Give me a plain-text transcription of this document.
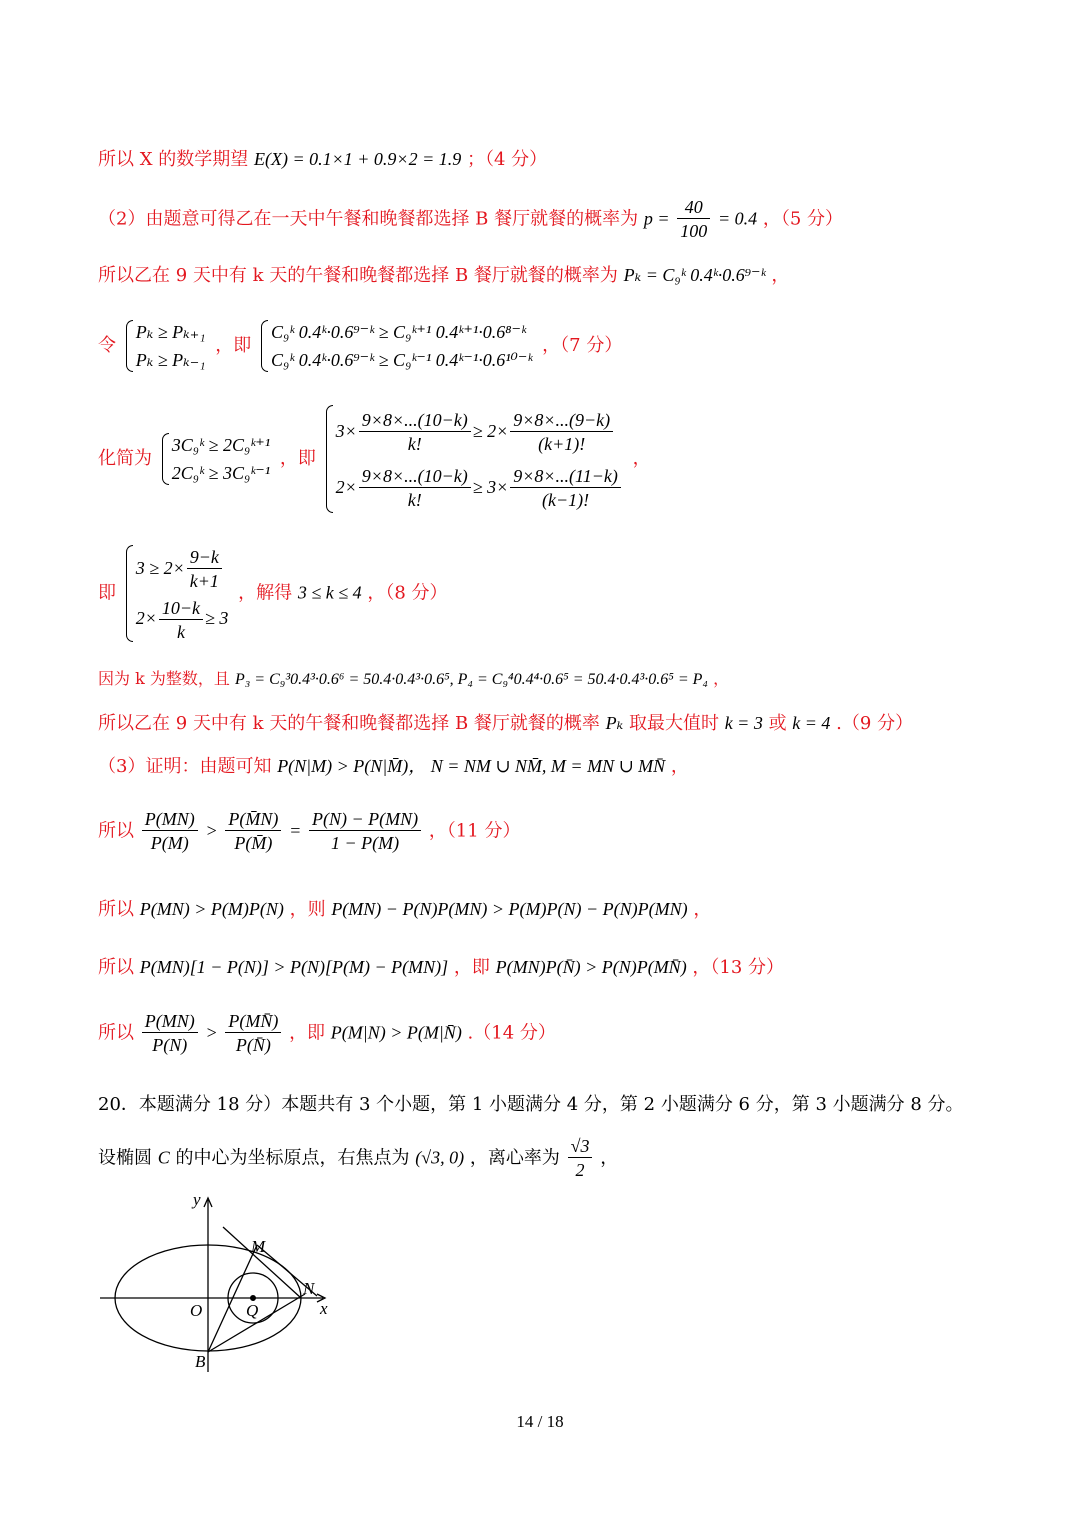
所以 X 的数学期望 E(X) = 0.1×1 + 0.9×2 = 1.9 ；（4 分）
（2）由题意可得乙在一天中午餐和晚餐都选择 B 餐厅就餐的概率为 $p = \frac{40}{100} = 0.4$ ，（5 分）
所以乙在 9 天中有 k 天的午餐和晚餐都选择 B 餐厅就餐的概率为 Pₖ = C₉ᵏ 0.4ᵏ·0.6⁹⁻ᵏ ，
令
Pₖ ≥ Pₖ₊₁
Pₖ ≥ Pₖ₋₁
，即
C₉ᵏ 0.4ᵏ·0.6⁹⁻ᵏ ≥ C₉ᵏ⁺¹ 0.4ᵏ⁺¹·0.6⁸⁻ᵏ
C₉ᵏ 0.4ᵏ·0.6⁹⁻ᵏ ≥ C₉ᵏ⁻¹ 0.4ᵏ⁻¹·0.6¹⁰⁻ᵏ
，（7 分）
化简为
3C₉ᵏ ≥ 2C₉ᵏ⁺¹
2C₉ᵏ ≥ 3C₉ᵏ⁻¹
，即
$3\times \frac{9\times 8\times...(10-k)}{k!} \ge 2\times \frac{9\times 8\times...(9-k)}{(k+1)!}$
$2\times \frac{9\times 8\times...(10-k)}{k!} \ge 3\times \frac{9\times 8\times...(11-k)}{(k-1)!}$
，
即
$3 \ge 2\times \frac{9-k}{k+1}$
$2\times \frac{10-k}{k} \ge 3$
，解得 3 ≤ k ≤ 4 ，（8 分）
因为 k 为整数，且 P₃ = C₉³0.4³·0.6⁶ = 50.4·0.4³·0.6⁵, P₄ = C₉⁴0.4⁴·0.6⁵ = 50.4·0.4³·0.6⁵ = P₄ ，
所以乙在 9 天中有 k 天的午餐和晚餐都选择 B 餐厅就餐的概率 Pₖ 取最大值时 k = 3 或 k = 4 .（9 分）
（3）证明：由题可知 P(N|M) > P(N|M̄)， N = NM ∪ NM̄, M = MN ∪ MN̄ ，
所以 $\frac{P(MN)}{P(M)} > \frac{P(M̄N)}{P(M̄)} = \frac{P(N) - P(MN)}{1 - P(M)}$ ，（11 分）
所以 P(MN) > P(M)P(N) ，则 P(MN) − P(N)P(MN) > P(M)P(N) − P(N)P(MN) ，
所以 P(MN)[1 − P(N)] > P(N)[P(M) − P(MN)] ，即 P(MN)P(N̄) > P(N)P(MN̄) ，（13 分）
所以 $\frac{P(MN)}{P(N)} > \frac{P(MN̄)}{P(N̄)}$ ，即 P(M|N) > P(M|N̄) .（14 分）
20．本题满分 18 分）本题共有 3 个小题，第 1 小题满分 4 分，第 2 小题满分 6 分，第 3 小题满分 8 分。
设椭圆 C 的中心为坐标原点，右焦点为 (√3, 0) ，离心率为 $\frac{√3}{2}$ ，
y
x
M
N
O	Q
B
14 / 18
